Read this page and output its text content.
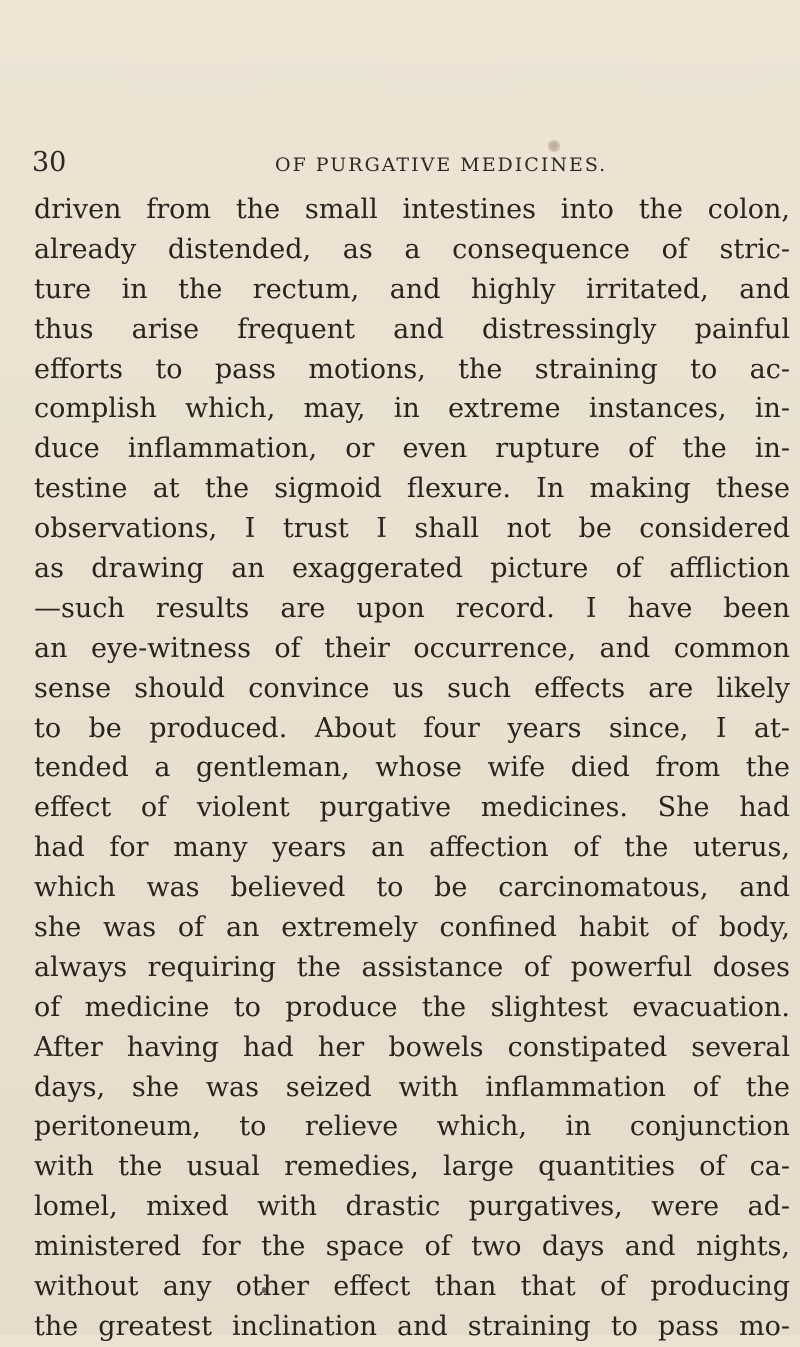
30	OF PURGATIVE MEDICINES.
driven from the small intestines into the colon,
already distended, as a consequence of stric-
ture in the rectum, and highly irritated, and
thus arise frequent and distressingly painful
efforts to pass motions, the straining to ac-
complish which, may, in extreme instances, in-
duce inflammation, or even rupture of the in-
testine at the sigmoid flexure. In making these
observations, I trust I shall not be considered
as drawing an exaggerated picture of affliction
—such results are upon record. I have been
an eye-witness of their occurrence, and common
sense should convince us such effects are likely
to be produced. About four years since, I at-
tended a gentleman, whose wife died from the
effect of violent purgative medicines. She had
had for many years an affection of the uterus,
which was believed to be carcinomatous, and
she was of an extremely confined habit of body,
always requiring the assistance of powerful doses
of medicine to produce the slightest evacuation.
After having had her bowels constipated several
days, she was seized with inflammation of the
peritoneum, to relieve which, in conjunction
with the usual remedies, large quantities of ca-
lomel, mixed with drastic purgatives, were ad-
ministered for the space of two days and nights,
without any other effect than that of producing
the greatest inclination and straining to pass mo-
